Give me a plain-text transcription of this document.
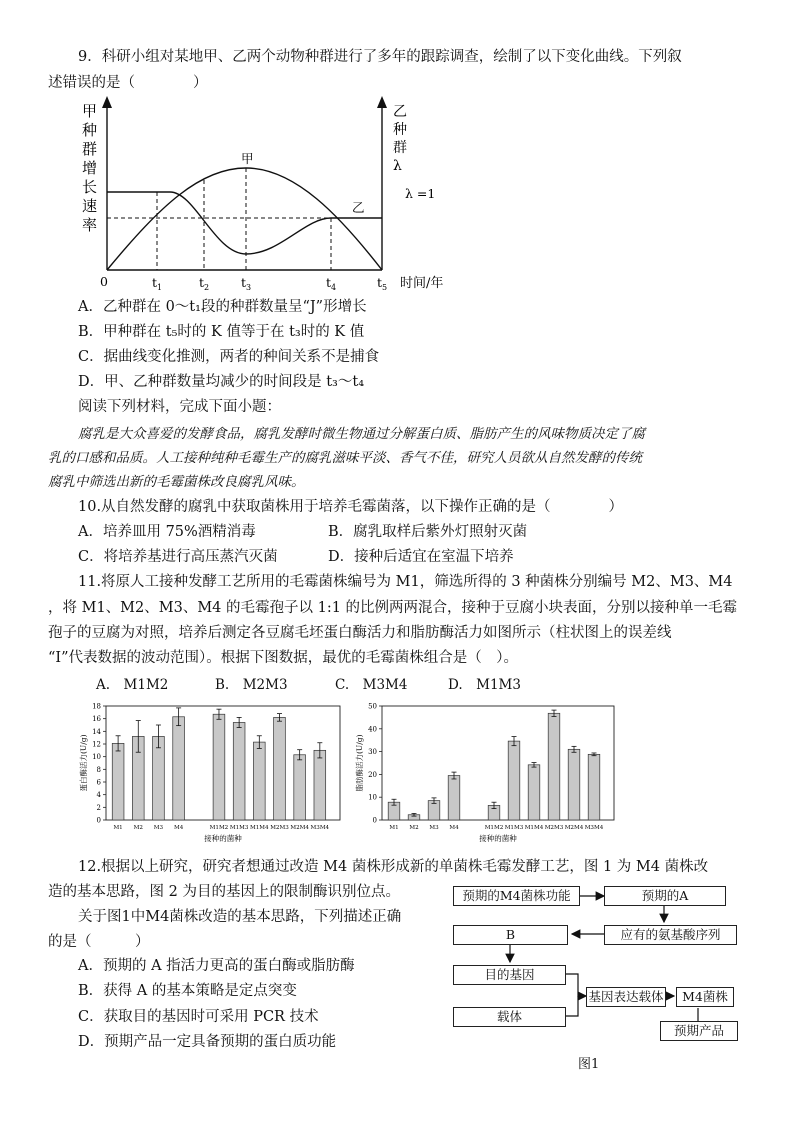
9．科研小组对某地甲、乙两个动物种群进行了多年的跟踪调查，绘制了以下变化曲线。下列叙
述错误的是（　　　　）
甲
种
群
增
长
速
率
乙
种
群
λ
甲
乙
λ =1
0	$t_1$	$t_2$	$t_3$	$t_4$	$t_5$ 时间/年
A．乙种群在 0～t₁段的种群数量呈“J”形增长
B．甲种群在 t₅时的 K 值等于在 t₃时的 K 值
C．据曲线变化推测，两者的种间关系不是捕食
D．甲、乙种群数量均减少的时间段是 t₃～t₄
阅读下列材料，完成下面小题：
腐乳是大众喜爱的发酵食品，腐乳发酵时微生物通过分解蛋白质、脂肪产生的风味物质决定了腐
乳的口感和品质。人工接种纯种毛霉生产的腐乳滋味平淡、香气不佳，研究人员欲从自然发酵的传统
腐乳中筛选出新的毛霉菌株改良腐乳风味。
10.从自然发酵的腐乳中获取菌株用于培养毛霉菌落，以下操作正确的是（　　　　）
A．培养皿用 75%酒精消毒	B．腐乳取样后紫外灯照射灭菌
C．将培养基进行高压蒸汽灭菌	D．接种后适宜在室温下培养
11.将原人工接种发酵工艺所用的毛霉菌株编号为 M1，筛选所得的 3 种菌株分别编号 M2、M3、M4
，将 M1、M2、M3、M4 的毛霉孢子以 1:1 的比例两两混合，接种于豆腐小块表面，分别以接种单一毛霉
孢子的豆腐为对照，培养后测定各豆腐毛坯蛋白酶活力和脂肪酶活力如图所示（柱状图上的误差线
“I”代表数据的波动范围）。根据下图数据，最优的毛霉菌株组合是（　）。
A.　M1M2	B.　M2M3	C.　M3M4	D.　M1M3
0
2
4
6
8
10
12
14
16
18
蛋白酶活力(U/g)
M1 M2 M3 M4	M1M2 M1M3 M1M4 M2M3 M2M4 M3M4
接种的菌种
0
10
20
30
40
50
脂肪酶活力(U/g)
M1 M2 M3 M4	M1M2 M1M3 M1M4 M2M3 M2M4 M3M4
接种的菌种
12.根据以上研究，研究者想通过改造 M4 菌株形成新的单菌株毛霉发酵工艺，图 1 为 M4 菌株改
造的基本思路，图 2 为目的基因上的限制酶识别位点。
关于图1中M4菌株改造的基本思路，下列描述正确
的是（　　　）
A．预期的 A 指活力更高的蛋白酶或脂肪酶
B．获得 A 的基本策略是定点突变
C．获取目的基因时可采用 PCR 技术
D．预期产品一定具备预期的蛋白质功能
预期的M4菌株功能	预期的A
B	应有的氨基酸序列
目的基因
基因表达载体	M4菌株
载体
预期产品
图1
